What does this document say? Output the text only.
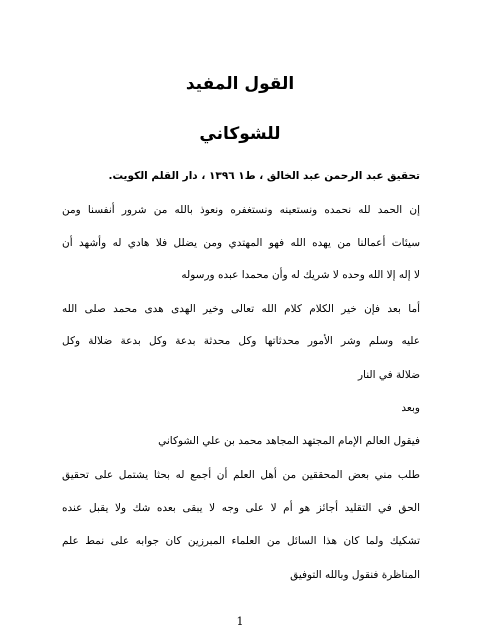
القول المفيد
للشوكاني
تحقيق عبد الرحمن عبد الخالق ، ط١ ١٣٩٦ ، دار القلم الكويت.
إن الحمد لله نحمده ونستعينه ونستغفره ونعوذ بالله من شرور أنفسنا ومن
سيئات أعمالنا من يهده الله فهو المهتدي ومن يضلل فلا هادي له وأشهد أن
لا إله إلا الله وحده لا شريك له وأن محمدا عبده ورسوله
أما بعد فإن خير الكلام كلام الله تعالى وخير الهدى هدى محمد صلى الله
عليه وسلم وشر الأمور محدثاتها وكل محدثة بدعة وكل بدعة ضلالة وكل
ضلالة في النار
وبعد
فيقول العالم الإمام المجتهد المجاهد محمد بن علي الشوكاني
طلب مني بعض المحققين من أهل العلم أن أجمع له بحثا يشتمل على تحقيق
الحق في التقليد أجائز هو أم لا على وجه لا يبقى بعده شك ولا يقبل عنده
تشكيك ولما كان هذا السائل من العلماء المبرزين كان جوابه على نمط علم
المناظرة فنقول وبالله التوفيق
1
